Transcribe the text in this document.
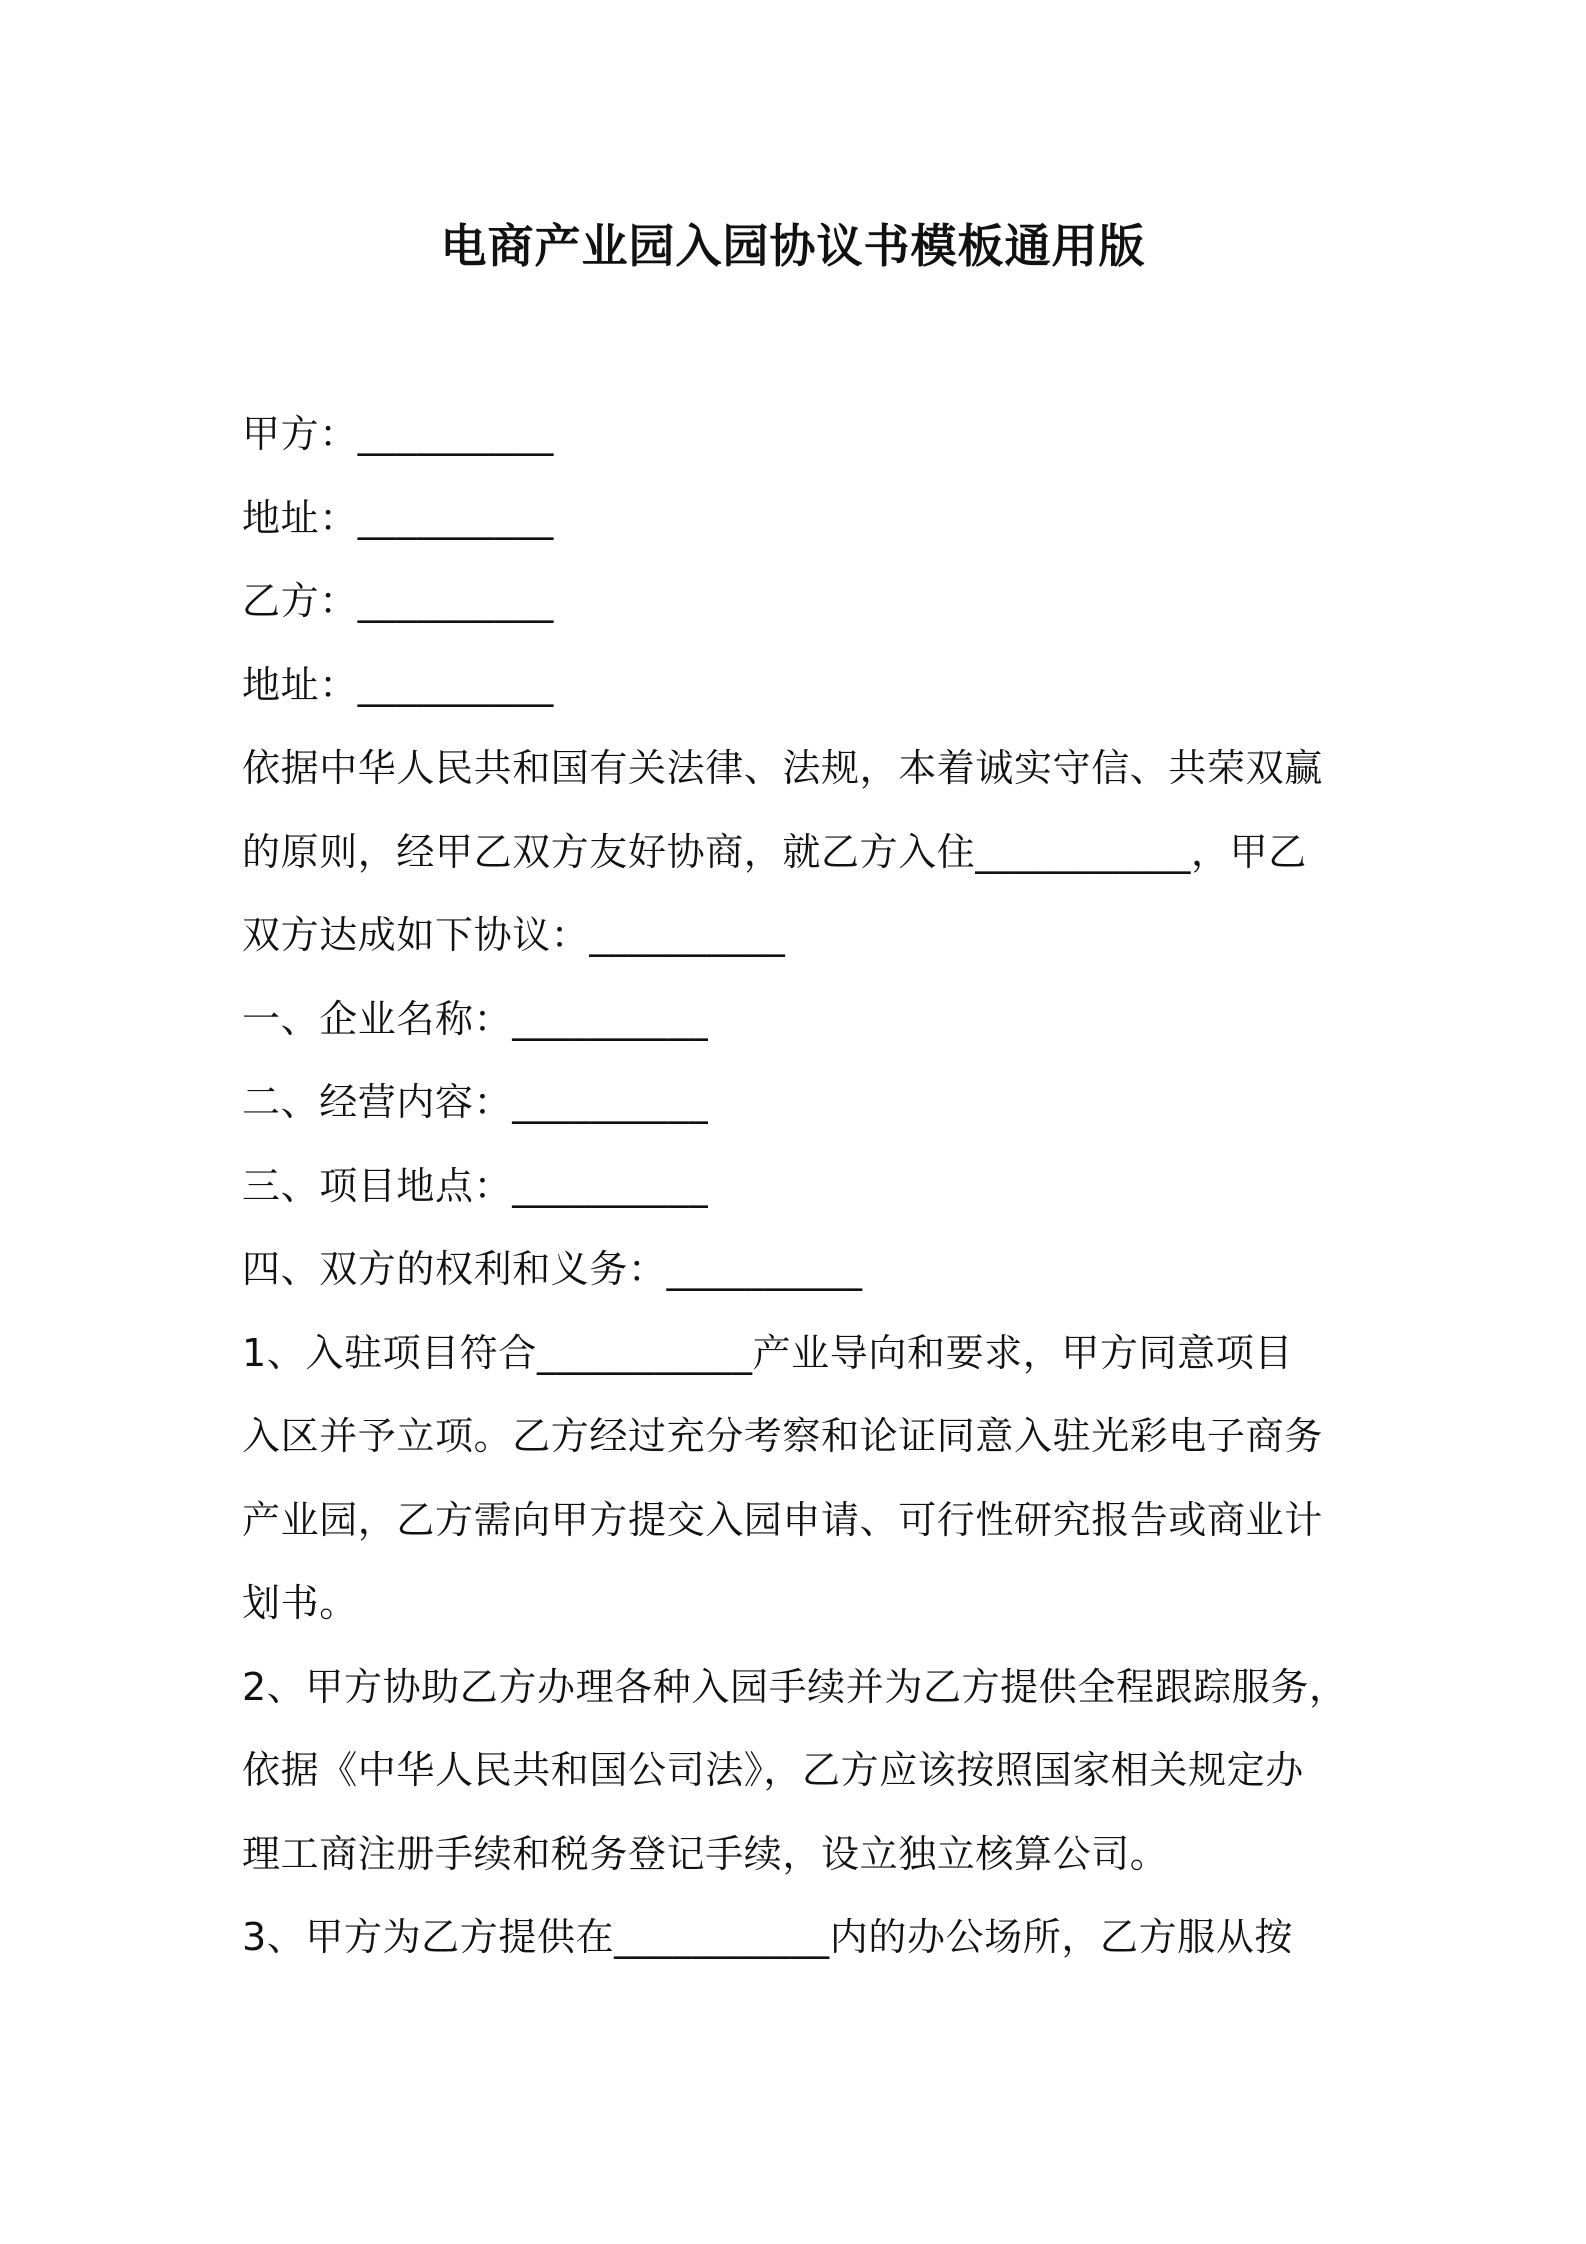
电商产业园入园协议书模板通用版
甲方：__________
地址：__________
乙方：__________
地址：__________
依据中华人民共和国有关法律、法规，本着诚实守信、共荣双赢
的原则，经甲乙双方友好协商，就乙方入住___________，甲乙
双方达成如下协议：__________
一、企业名称：__________
二、经营内容：__________
三、项目地点：__________
四、双方的权利和义务：__________
1、入驻项目符合___________产业导向和要求，甲方同意项目
入区并予立项。乙方经过充分考察和论证同意入驻光彩电子商务
产业园，乙方需向甲方提交入园申请、可行性研究报告或商业计
划书。
2、甲方协助乙方办理各种入园手续并为乙方提供全程跟踪服务，
依据《中华人民共和国公司法》，乙方应该按照国家相关规定办
理工商注册手续和税务登记手续，设立独立核算公司。
3、甲方为乙方提供在___________内的办公场所，乙方服从按
